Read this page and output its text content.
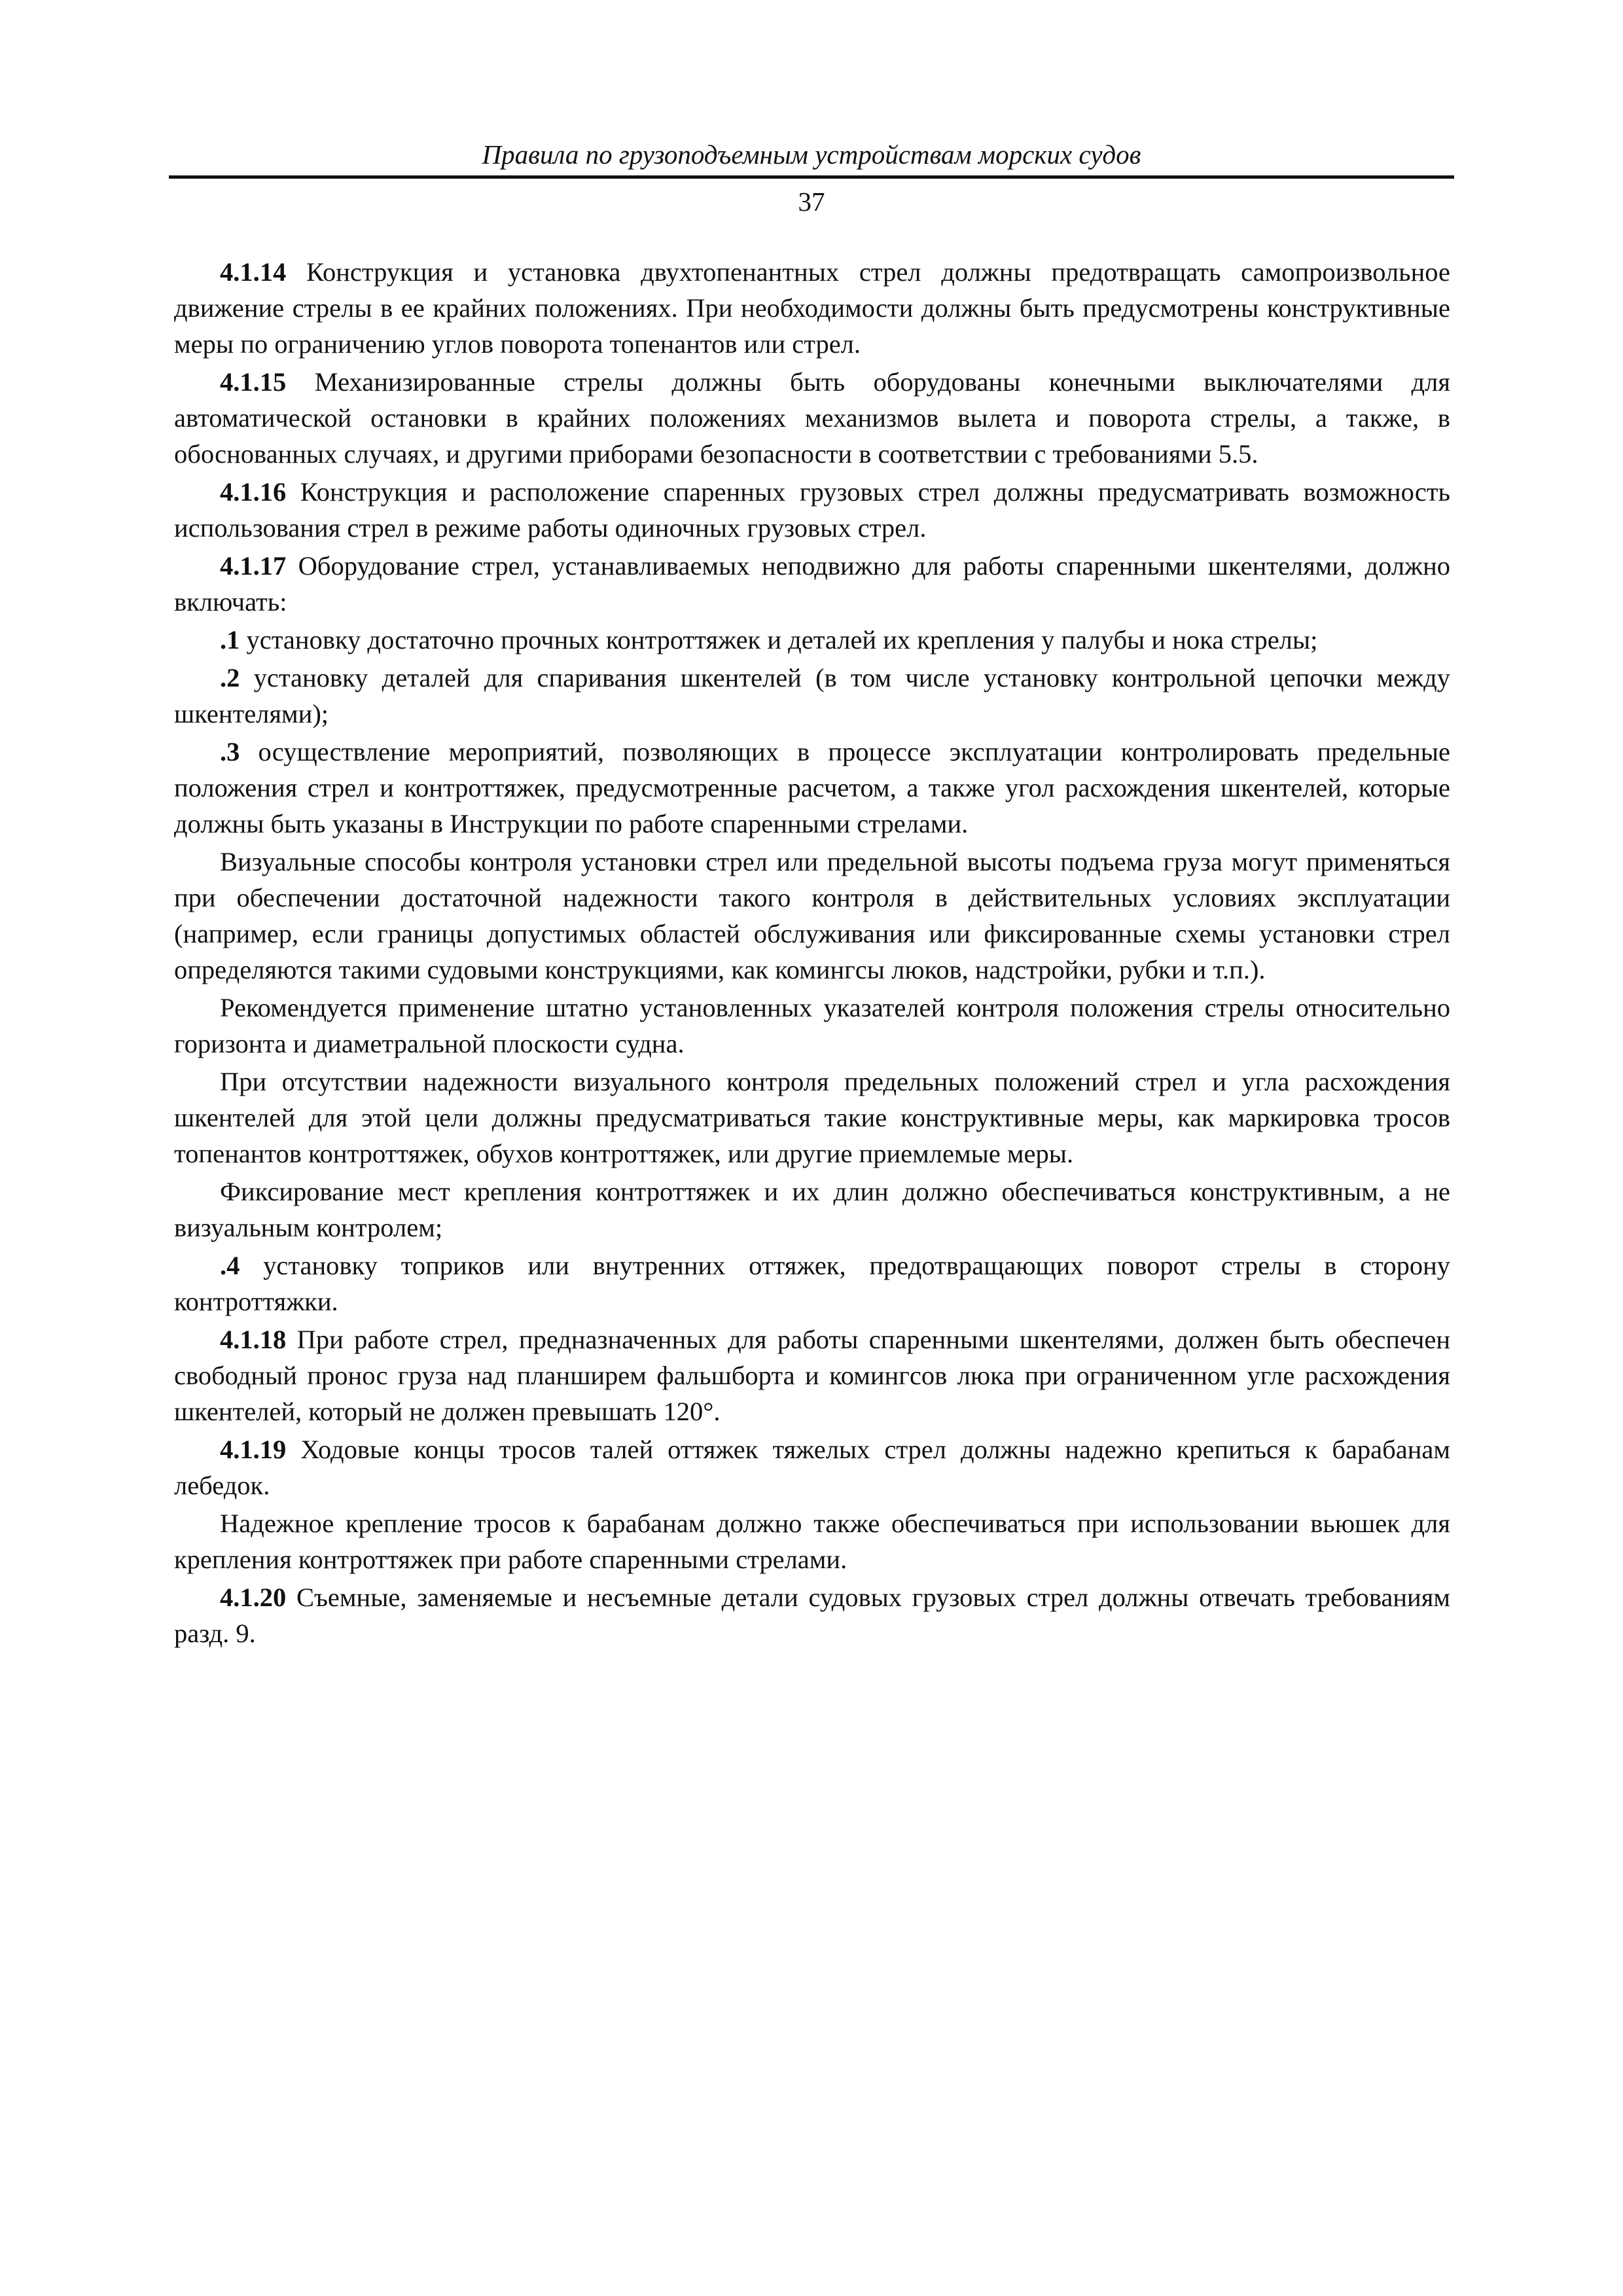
Правила по грузоподъемным устройствам морских судов
37

4.1.14 Конструкция и установка двухтопенантных стрел должны предотвращать самопроизвольное движение стрелы в ее крайних положениях. При необходимости должны быть предусмотрены конструктивные меры по ограничению углов поворота топенантов или стрел.

4.1.15 Механизированные стрелы должны быть оборудованы конечными выключателями для автоматической остановки в крайних положениях механизмов вылета и поворота стрелы, а также, в обоснованных случаях, и другими приборами безопасности в соответствии с требованиями 5.5.

4.1.16 Конструкция и расположение спаренных грузовых стрел должны предусматривать возможность использования стрел в режиме работы одиночных грузовых стрел.

4.1.17 Оборудование стрел, устанавливаемых неподвижно для работы спаренными шкентелями, должно включать:

.1 установку достаточно прочных контроттяжек и деталей их крепления у палубы и нока стрелы;

.2 установку деталей для спаривания шкентелей (в том числе установку контрольной цепочки между шкентелями);

.3 осуществление мероприятий, позволяющих в процессе эксплуатации контролировать предельные положения стрел и контроттяжек, предусмотренные расчетом, а также угол расхождения шкентелей, которые должны быть указаны в Инструкции по работе спаренными стрелами.

Визуальные способы контроля установки стрел или предельной высоты подъема груза могут применяться при обеспечении достаточной надежности такого контроля в действительных условиях эксплуатации (например, если границы допустимых областей обслуживания или фиксированные схемы установки стрел определяются такими судовыми конструкциями, как комингсы люков, надстройки, рубки и т.п.).

Рекомендуется применение штатно установленных указателей контроля положения стрелы относительно горизонта и диаметральной плоскости судна.

При отсутствии надежности визуального контроля предельных положений стрел и угла расхождения шкентелей для этой цели должны предусматриваться такие конструктивные меры, как маркировка тросов топенантов контроттяжек, обухов контроттяжек, или другие приемлемые меры.

Фиксирование мест крепления контроттяжек и их длин должно обеспечиваться конструктивным, а не визуальным контролем;

.4 установку топриков или внутренних оттяжек, предотвращающих поворот стрелы в сторону контроттяжки.

4.1.18 При работе стрел, предназначенных для работы спаренными шкентелями, должен быть обеспечен свободный пронос груза над планширем фальшборта и комингсов люка при ограниченном угле расхождения шкентелей, который не должен превышать 120°.

4.1.19 Ходовые концы тросов талей оттяжек тяжелых стрел должны надежно крепиться к барабанам лебедок.

Надежное крепление тросов к барабанам должно также обеспечиваться при использовании вьюшек для крепления контроттяжек при работе спаренными стрелами.

4.1.20 Съемные, заменяемые и несъемные детали судовых грузовых стрел должны отвечать требованиям разд. 9.
